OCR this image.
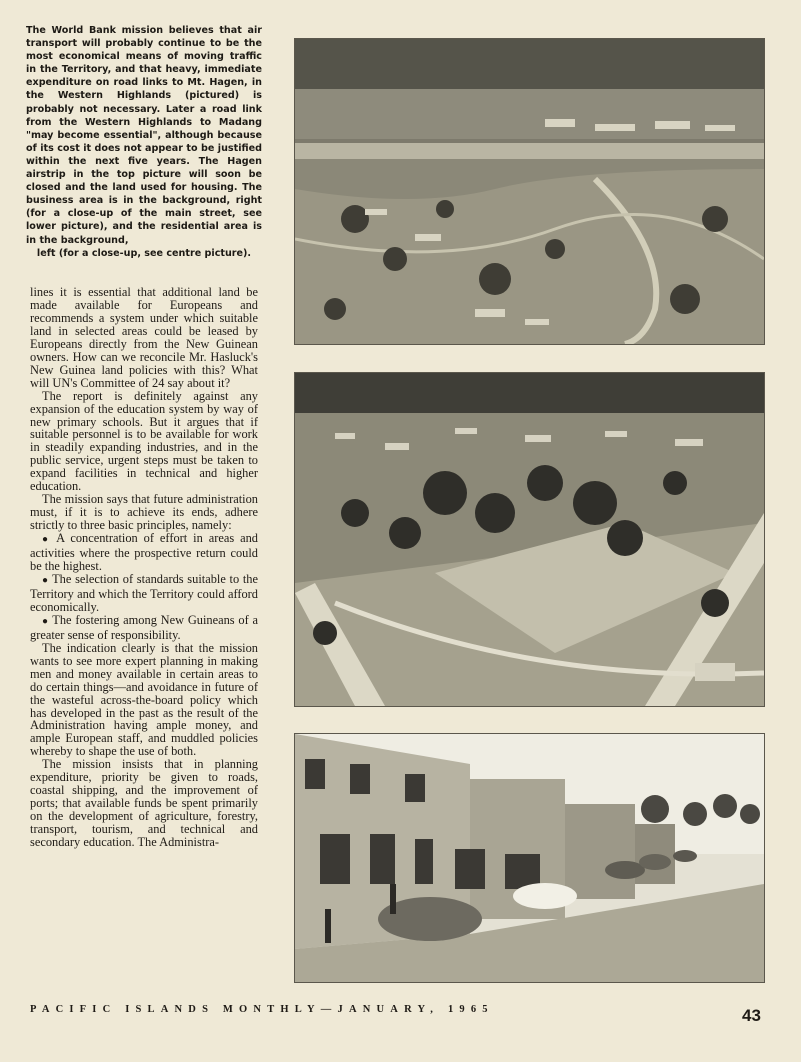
The World Bank mission believes that air transport will probably continue to be the most economical means of moving traffic in the Territory, and that heavy, immediate expenditure on road links to Mt. Hagen, in the Western Highlands (pictured) is probably not necessary. Later a road link from the Western Highlands to Madang "may become essential", although because of its cost it does not appear to be justified within the next five years. The Hagen airstrip in the top picture will soon be closed and the land used for housing. The business area is in the background, right (for a close-up of the main street, see lower picture), and the residential area is in the background,
left (for a close-up, see centre picture).

lines it is essential that additional land be made available for Europeans and recommends a system under which suitable land in selected areas could be leased by Europeans directly from the New Guinean owners. How can we reconcile Mr. Hasluck's New Guinea land policies with this? What will UN's Committee of 24 say about it?

The report is definitely against any expansion of the education system by way of new primary schools. But it argues that if suitable personnel is to be available for work in steadily expanding industries, and in the public service, urgent steps must be taken to expand facilities in technical and higher education.

The mission says that future administration must, if it is to achieve its ends, adhere strictly to three basic principles, namely:

● A concentration of effort in areas and activities where the prospective return could be the highest.

● The selection of standards suitable to the Territory and which the Territory could afford economically.

● The fostering among New Guineans of a greater sense of responsibility.

The indication clearly is that the mission wants to see more expert planning in making men and money available in certain areas to do certain things—and avoidance in future of the wasteful across-the-board policy which has developed in the past as the result of the Administration having ample money, and ample European staff, and muddled policies whereby to shape the use of both.

The mission insists that in planning expenditure, priority be given to roads, coastal shipping, and the improvement of ports; that available funds be spent primarily on the development of agriculture, forestry, transport, tourism, and technical and secondary education. The Administra-

PACIFIC ISLANDS MONTHLY—JANUARY, 1965	43
